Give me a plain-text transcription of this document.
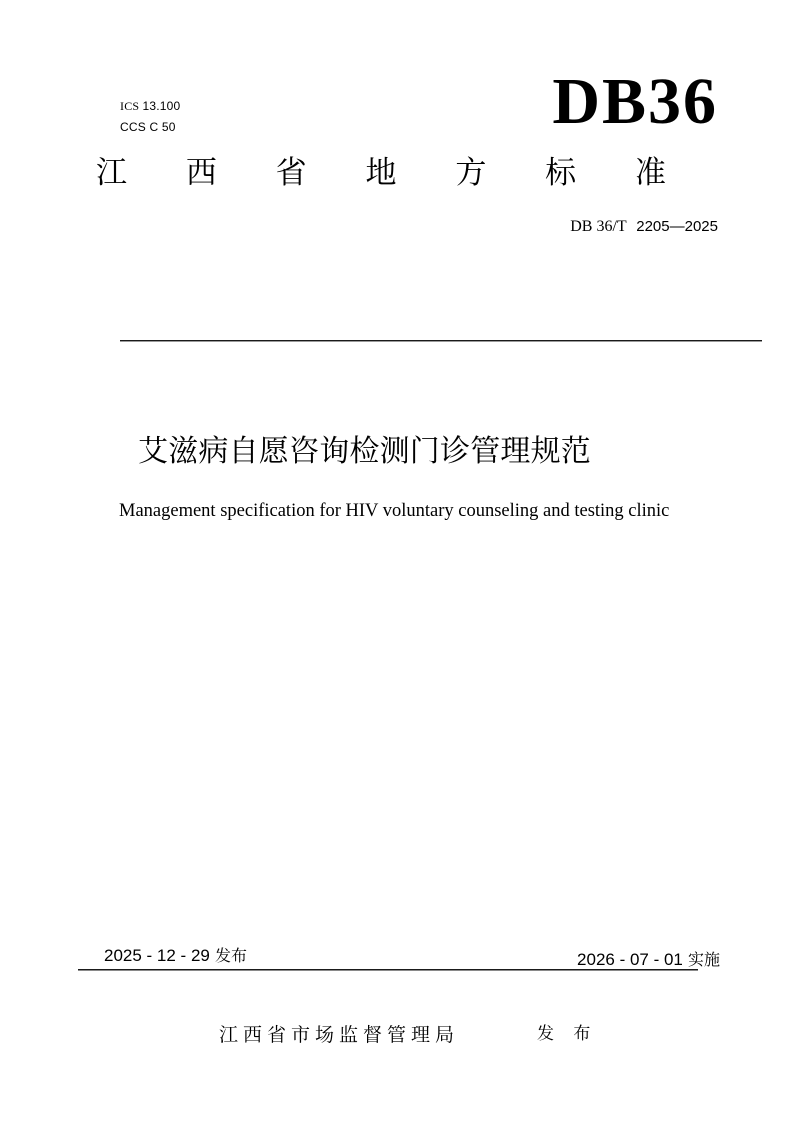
ICS 13.100
CCS C 50	DB36
江 西 省 地 方 标 准
DB 36/T 2205—2025
艾滋病自愿咨询检测门诊管理规范
Management specification for HIV voluntary counseling and testing clinic
2025 - 12 - 29 发布	2026 - 07 - 01 实施
江西省市场监督管理局	发 布
